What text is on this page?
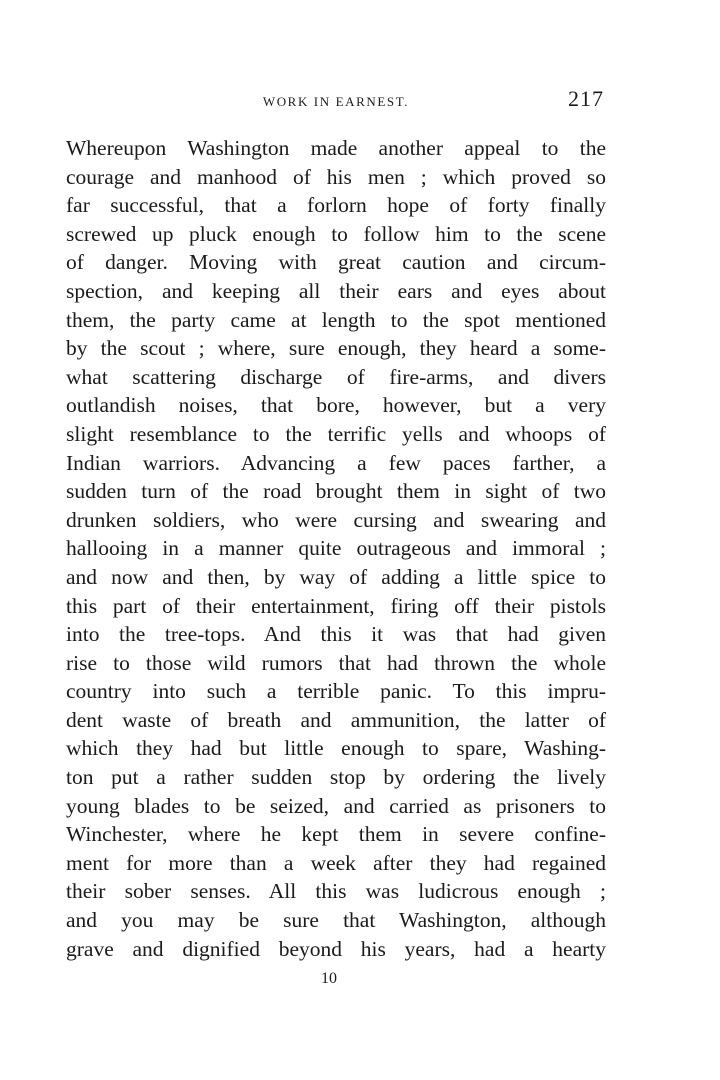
WORK IN EARNEST.	217
Whereupon Washington made another appeal to the
courage and manhood of his men ; which proved so
far successful, that a forlorn hope of forty finally
screwed up pluck enough to follow him to the scene
of danger. Moving with great caution and circum-
spection, and keeping all their ears and eyes about
them, the party came at length to the spot mentioned
by the scout ; where, sure enough, they heard a some-
what scattering discharge of fire-arms, and divers
outlandish noises, that bore, however, but a very
slight resemblance to the terrific yells and whoops of
Indian warriors. Advancing a few paces farther, a
sudden turn of the road brought them in sight of two
drunken soldiers, who were cursing and swearing and
hallooing in a manner quite outrageous and immoral ;
and now and then, by way of adding a little spice to
this part of their entertainment, firing off their pistols
into the tree-tops. And this it was that had given
rise to those wild rumors that had thrown the whole
country into such a terrible panic. To this impru-
dent waste of breath and ammunition, the latter of
which they had but little enough to spare, Washing-
ton put a rather sudden stop by ordering the lively
young blades to be seized, and carried as prisoners to
Winchester, where he kept them in severe confine-
ment for more than a week after they had regained
their sober senses. All this was ludicrous enough ;
and you may be sure that Washington, although
grave and dignified beyond his years, had a hearty
10
